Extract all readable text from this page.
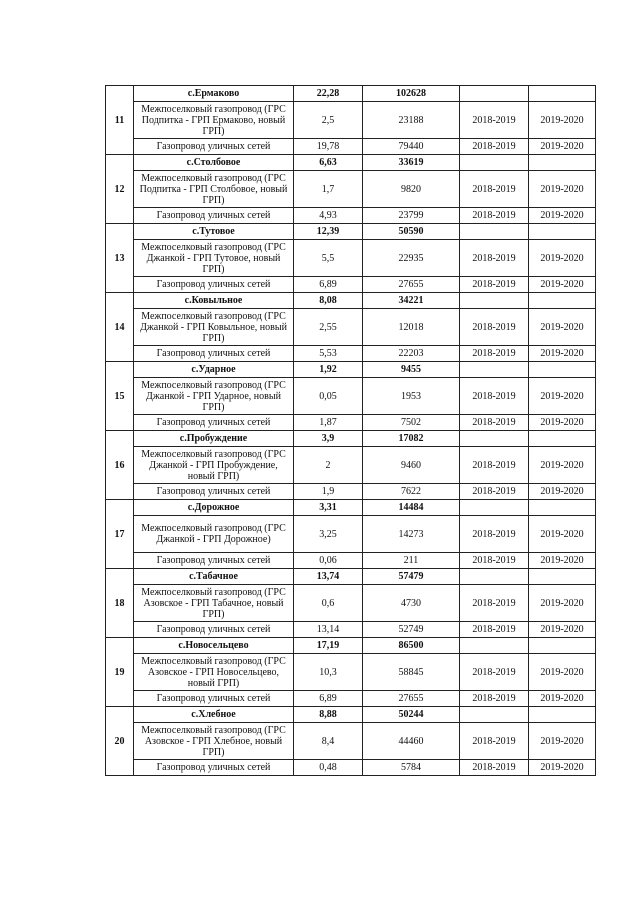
11	с.Ермаково	22,28	102628		
	Межпоселковый газопровод (ГРС Подпитка - ГРП Ермаково, новый ГРП)	2,5	23188	2018-2019	2019-2020
	Газопровод уличных сетей	19,78	79440	2018-2019	2019-2020
12	с.Столбовое	6,63	33619		
	Межпоселковый газопровод (ГРС Подпитка - ГРП Столбовое, новый ГРП)	1,7	9820	2018-2019	2019-2020
	Газопровод уличных сетей	4,93	23799	2018-2019	2019-2020
13	с.Тутовое	12,39	50590		
	Межпоселковый газопровод (ГРС Джанкой - ГРП Тутовое, новый ГРП)	5,5	22935	2018-2019	2019-2020
	Газопровод уличных сетей	6,89	27655	2018-2019	2019-2020
14	с.Ковыльное	8,08	34221		
	Межпоселковый газопровод (ГРС Джанкой - ГРП Ковыльное, новый ГРП)	2,55	12018	2018-2019	2019-2020
	Газопровод уличных сетей	5,53	22203	2018-2019	2019-2020
15	с.Ударное	1,92	9455		
	Межпоселковый газопровод (ГРС Джанкой - ГРП Ударное, новый ГРП)	0,05	1953	2018-2019	2019-2020
	Газопровод уличных сетей	1,87	7502	2018-2019	2019-2020
16	с.Пробуждение	3,9	17082		
	Межпоселковый газопровод (ГРС Джанкой - ГРП Пробуждение, новый ГРП)	2	9460	2018-2019	2019-2020
	Газопровод уличных сетей	1,9	7622	2018-2019	2019-2020
17	с.Дорожное	3,31	14484		
	Межпоселковый газопровод (ГРС Джанкой - ГРП Дорожное)	3,25	14273	2018-2019	2019-2020
	Газопровод уличных сетей	0,06	211	2018-2019	2019-2020
18	с.Табачное	13,74	57479		
	Межпоселковый газопровод (ГРС Азовское - ГРП Табачное, новый ГРП)	0,6	4730	2018-2019	2019-2020
	Газопровод уличных сетей	13,14	52749	2018-2019	2019-2020
19	с.Новосельцево	17,19	86500		
	Межпоселковый газопровод (ГРС Азовское - ГРП Новосельцево, новый ГРП)	10,3	58845	2018-2019	2019-2020
	Газопровод уличных сетей	6,89	27655	2018-2019	2019-2020
20	с.Хлебное	8,88	50244		
	Межпоселковый газопровод (ГРС Азовское - ГРП Хлебное, новый ГРП)	8,4	44460	2018-2019	2019-2020
	Газопровод уличных сетей	0,48	5784	2018-2019	2019-2020
